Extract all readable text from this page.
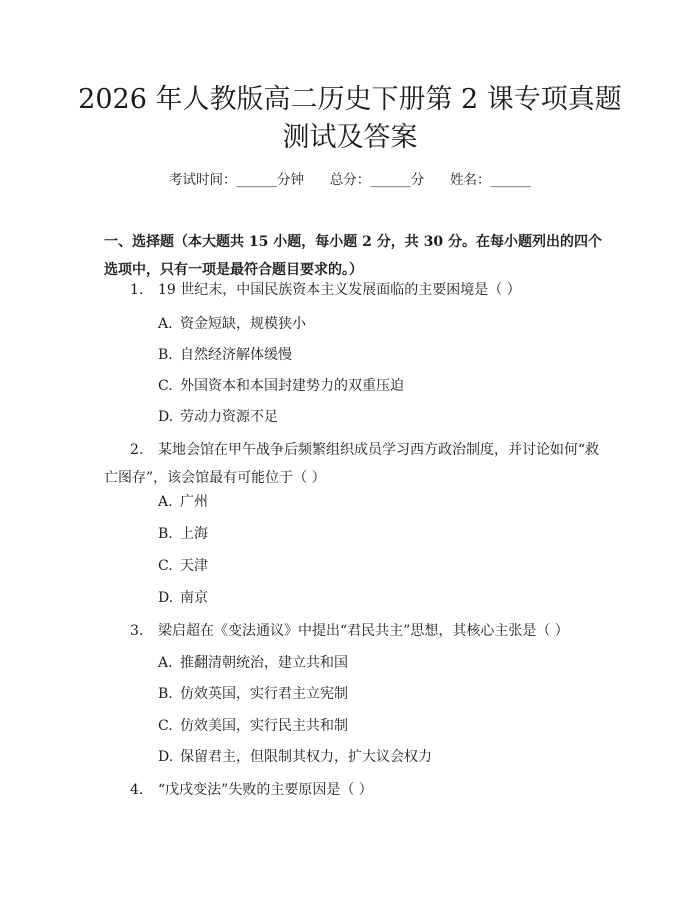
2026 年人教版高二历史下册第 2 课专项真题
测试及答案
考试时间：______分钟      总分：______分      姓名：______
一、选择题（本大题共 15 小题，每小题 2 分，共 30 分。在每小题列出的四个选项中，只有一项是最符合题目要求的。）
1. 19 世纪末，中国民族资本主义发展面临的主要困境是（ ）
A. 资金短缺，规模狭小
B. 自然经济解体缓慢
C. 外国资本和本国封建势力的双重压迫
D. 劳动力资源不足
2. 某地会馆在甲午战争后频繁组织成员学习西方政治制度，并讨论如何“救亡图存”，该会馆最有可能位于（ ）
A. 广州
B. 上海
C. 天津
D. 南京
3. 梁启超在《变法通议》中提出“君民共主”思想，其核心主张是（ ）
A. 推翻清朝统治，建立共和国
B. 仿效英国，实行君主立宪制
C. 仿效美国，实行民主共和制
D. 保留君主，但限制其权力，扩大议会权力
4. “戊戌变法”失败的主要原因是（ ）
